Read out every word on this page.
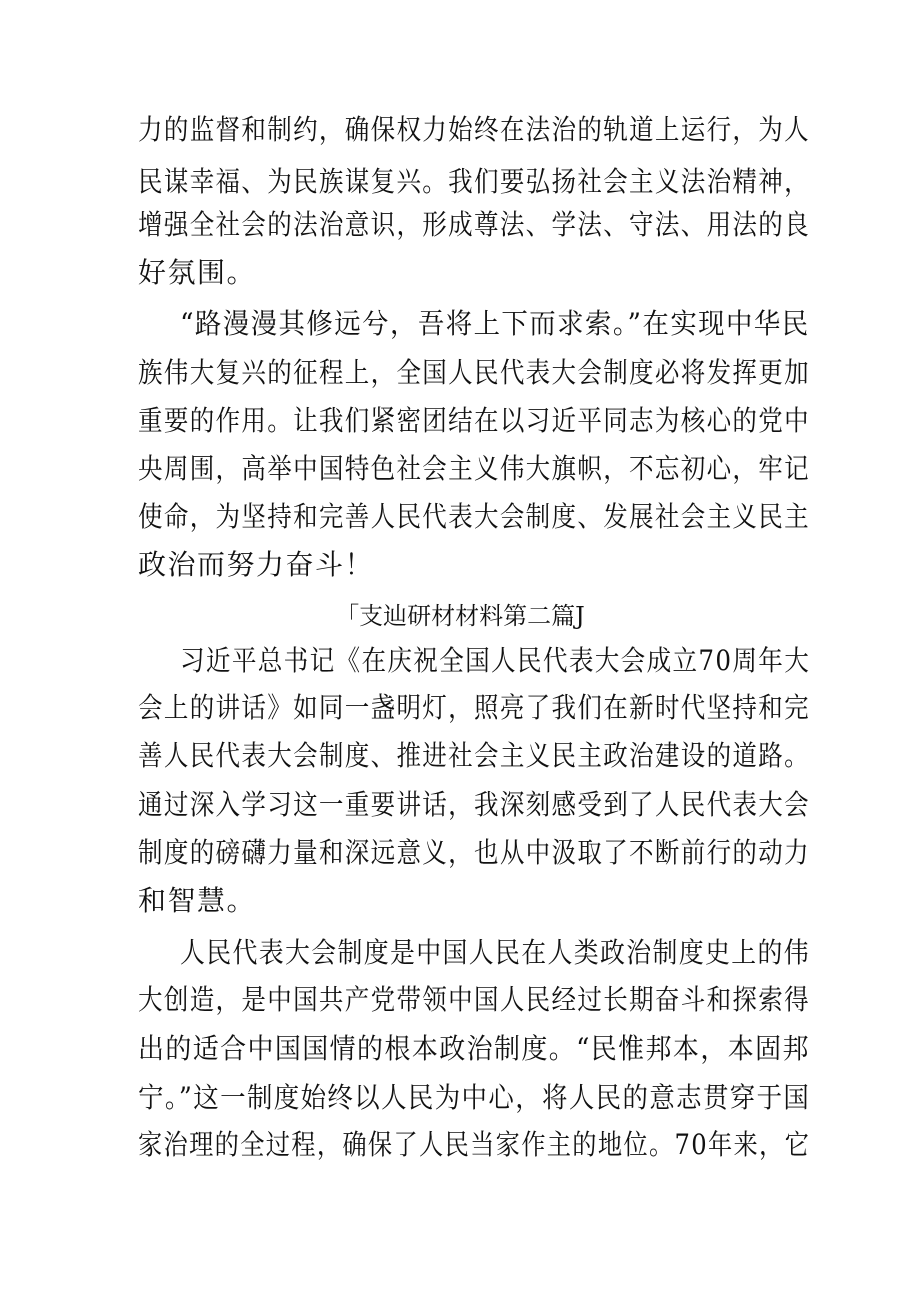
力的监督和制约，确保权力始终在法治的轨道上运行，为人
民谋幸福、为民族谋复兴。我们要弘扬社会主义法治精神，
增强全社会的法治意识，形成尊法、学法、守法、用法的良
好氛围。
“路漫漫其修远兮，吾将上下而求索。”在实现中华民
族伟大复兴的征程上，全国人民代表大会制度必将发挥更加
重要的作用。让我们紧密团结在以习近平同志为核心的党中
央周围，高举中国特色社会主义伟大旗帜，不忘初心，牢记
使命，为坚持和完善人民代表大会制度、发展社会主义民主
政治而努力奋斗！
「支辿研材材料第二篇J
习近平总书记《在庆祝全国人民代表大会成立70周年大
会上的讲话》如同一盏明灯，照亮了我们在新时代坚持和完
善人民代表大会制度、推进社会主义民主政治建设的道路。
通过深入学习这一重要讲话，我深刻感受到了人民代表大会
制度的磅礴力量和深远意义，也从中汲取了不断前行的动力
和智慧。
人民代表大会制度是中国人民在人类政治制度史上的伟
大创造，是中国共产党带领中国人民经过长期奋斗和探索得
出的适合中国国情的根本政治制度。“民惟邦本，本固邦
宁。”这一制度始终以人民为中心，将人民的意志贯穿于国
家治理的全过程，确保了人民当家作主的地位。70年来，它
